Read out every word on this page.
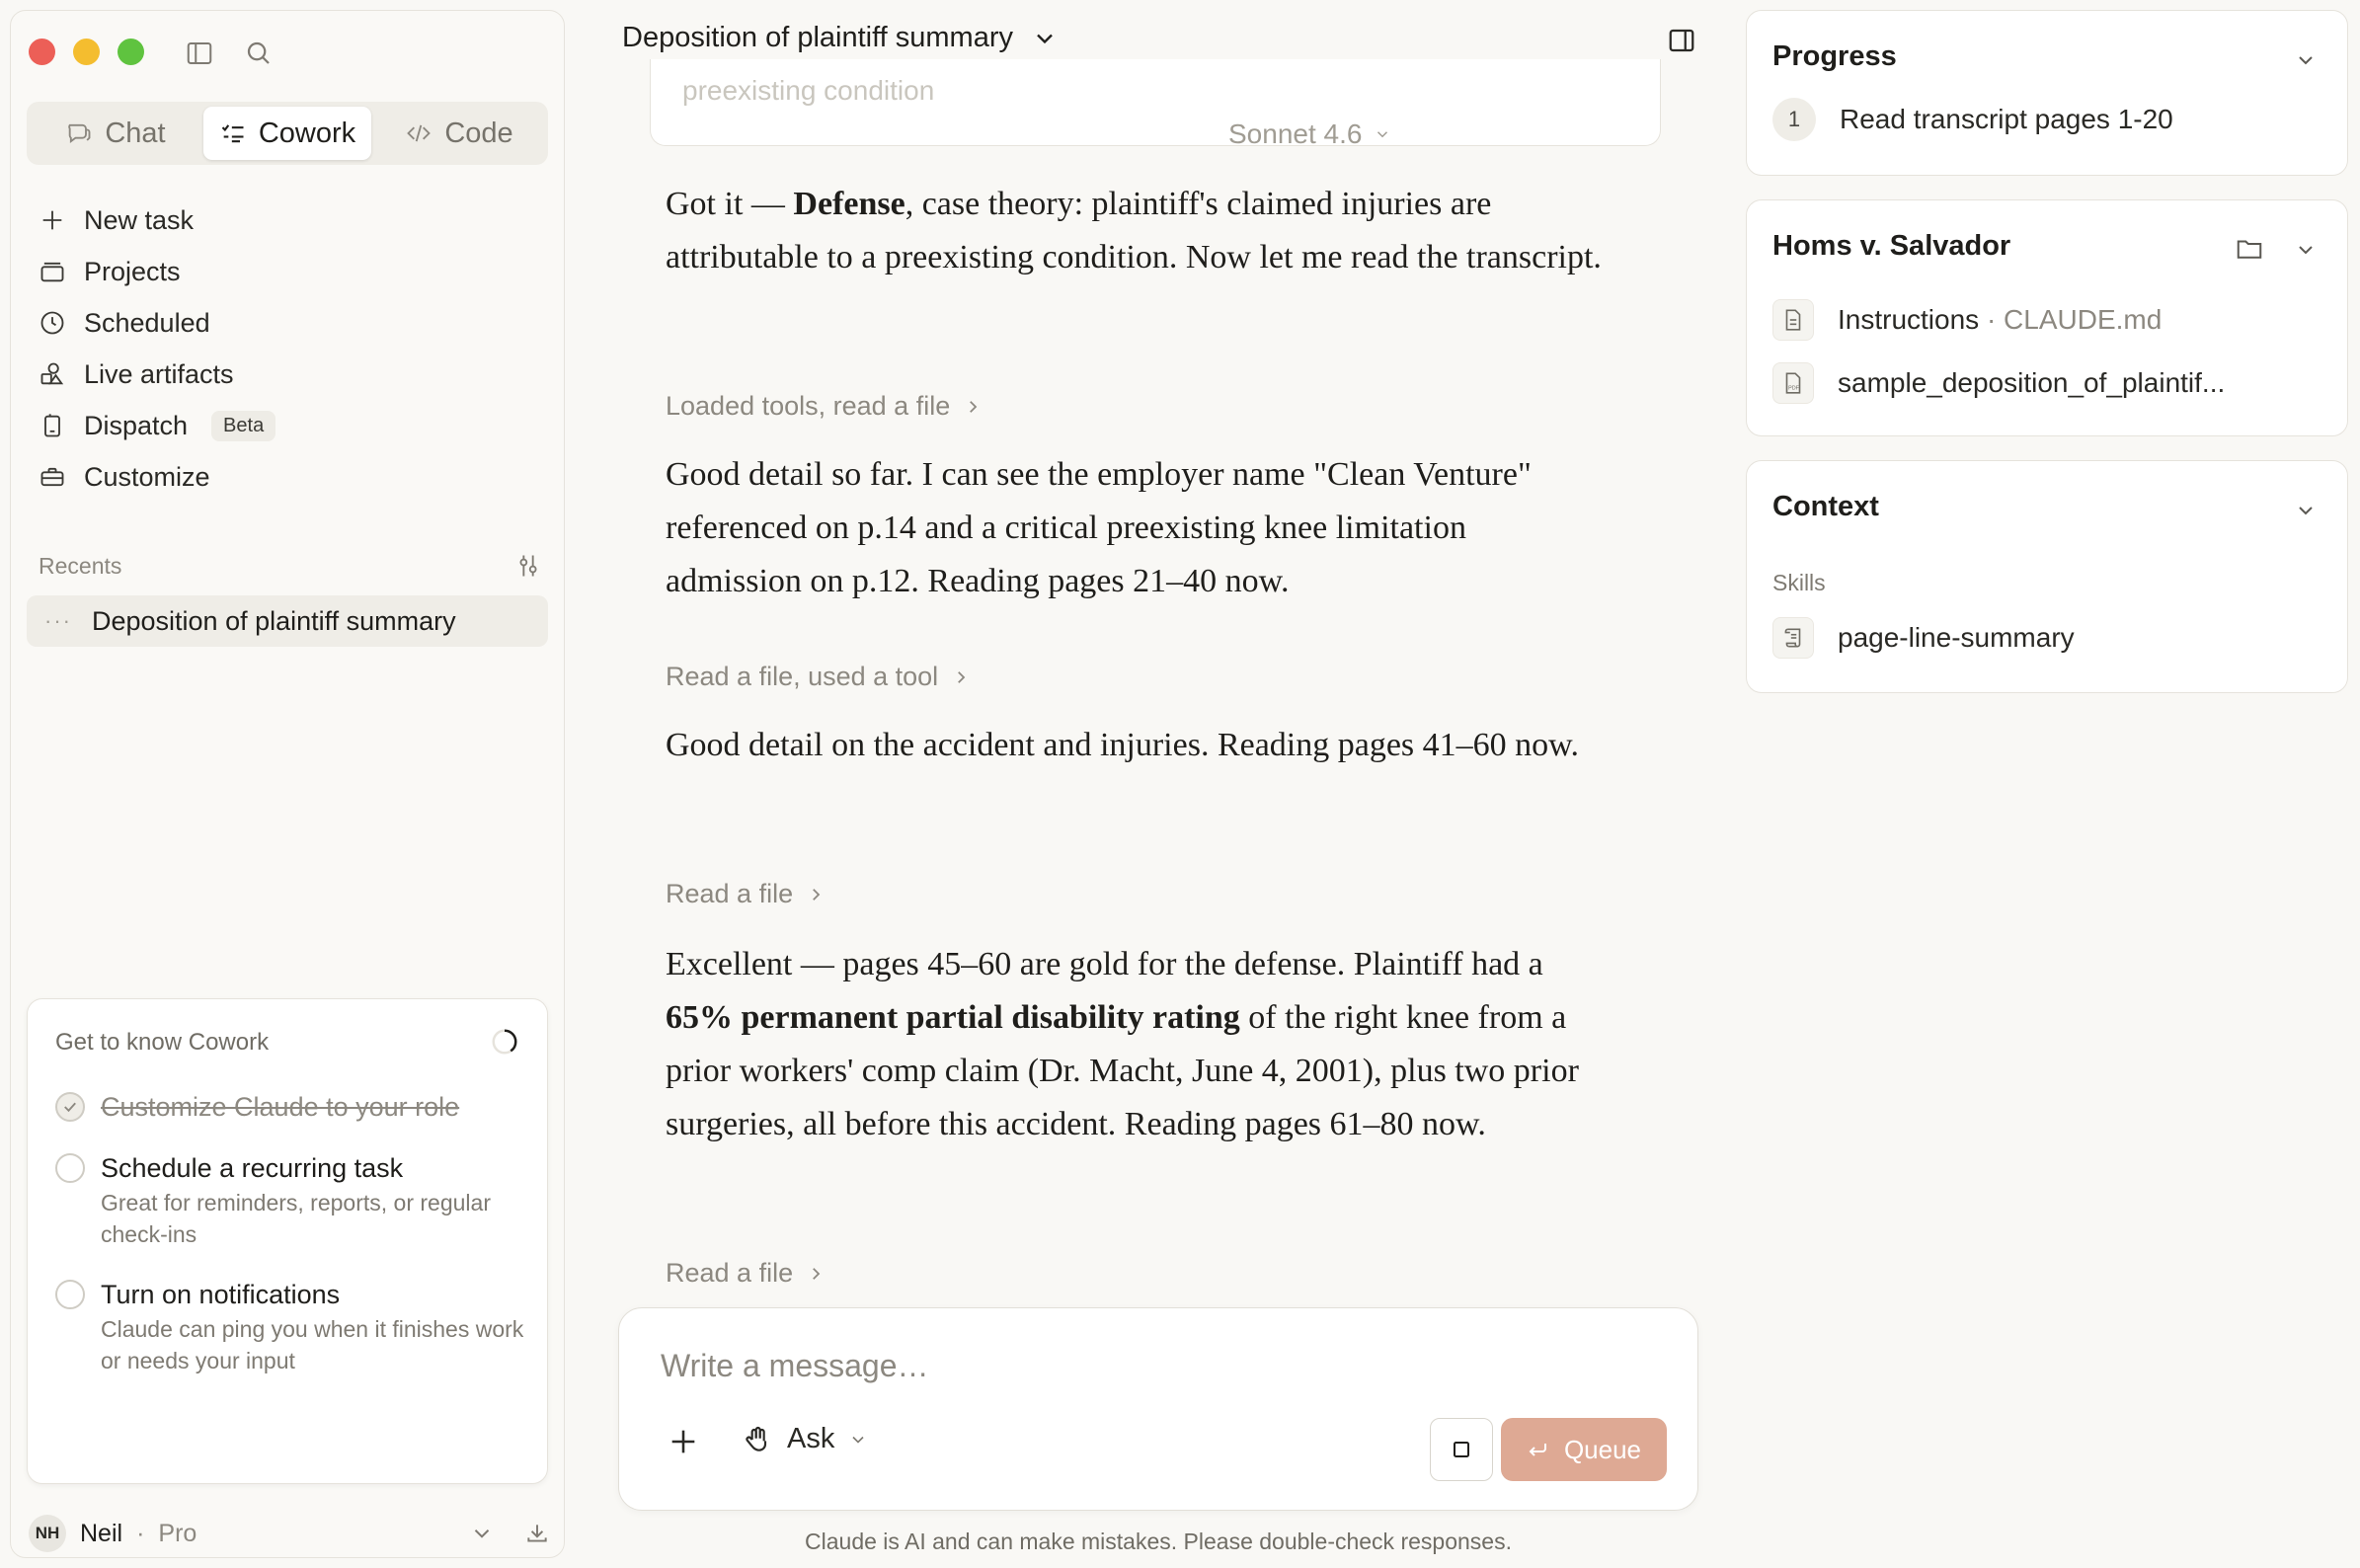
Chat	Cowork	Code
New task
Projects
Scheduled
Live artifacts
Dispatch	Beta
Customize
Recents
··· Deposition of plaintiff summary
Get to know Cowork
Customize Claude to your role
Schedule a recurring task
Great for reminders, reports, or regular check-ins
Turn on notifications
Claude can ping you when it finishes work or needs your input
NH Neil · Pro
Deposition of plaintiff summary
preexisting condition
Got it — Defense, case theory: plaintiff's claimed injuries are attributable to a preexisting condition. Now let me read the transcript.
Loaded tools, read a file
Good detail so far. I can see the employer name "Clean Venture" referenced on p.14 and a critical preexisting knee limitation admission on p.12. Reading pages 21–40 now.
Read a file, used a tool
Good detail on the accident and injuries. Reading pages 41–60 now.
Read a file
Excellent — pages 45–60 are gold for the defense. Plaintiff had a 65% permanent partial disability rating of the right knee from a prior workers' comp claim (Dr. Macht, June 4, 2001), plus two prior surgeries, all before this accident. Reading pages 61–80 now.
Read a file
Write a message…
Ask
Sonnet 4.6
Queue
Claude is AI and can make mistakes. Please double-check responses.
Progress
1	Read transcript pages 1-20
Homs v. Salvador
Instructions · CLAUDE.md
PDF sample_deposition_of_plaintif...
Context
Skills
page-line-summary
